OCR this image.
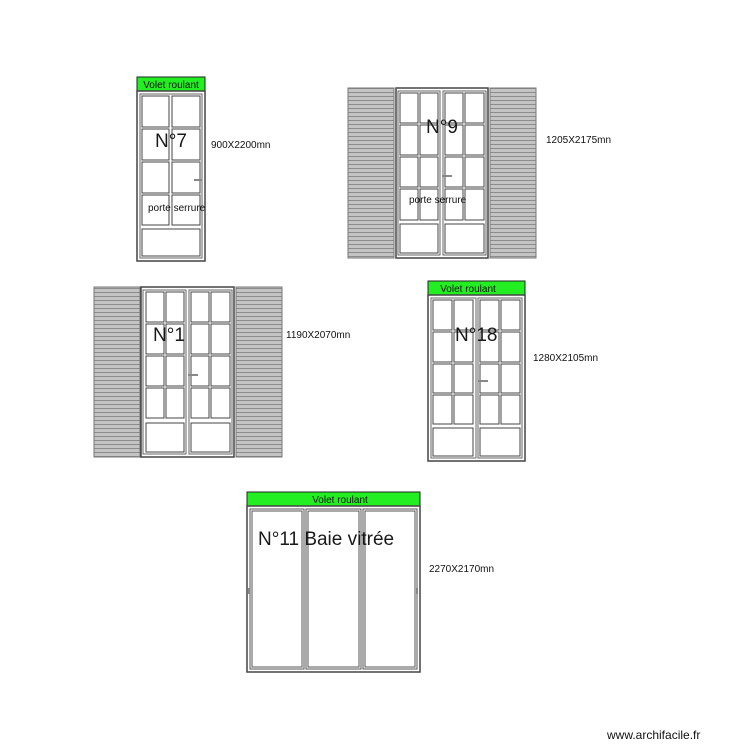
Volet roulant
N°7
porte serrure
900X2200mn
N°9
porte serrure
1205X2175mn
N°1	1190X2070mn
Volet roulant
N°18
1280X2105mn
Volet roulant
N°11 Baie vitrée
2270X2170mn
www.archifacile.fr
